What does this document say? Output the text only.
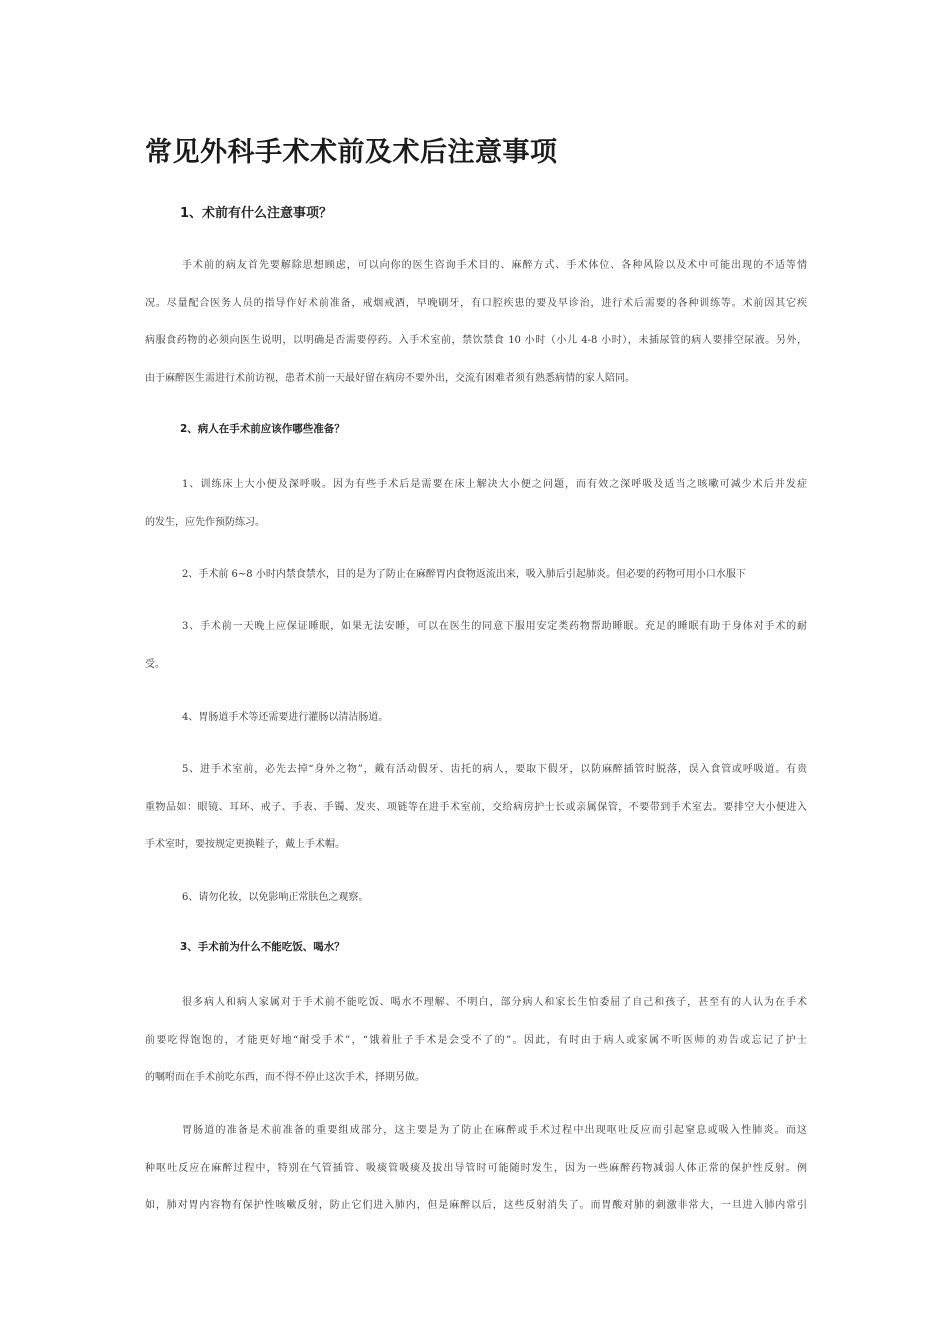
常见外科手术术前及术后注意事项
1、术前有什么注意事项？

手术前的病友首先要解除思想顾虑，可以向你的医生咨询手术目的、麻醉方式、手术体位、各种风险以及术中可能出现的不适等情

况。尽量配合医务人员的指导作好术前准备，戒烟戒酒，早晚刷牙，有口腔疾患的要及早诊治，进行术后需要的各种训练等。术前因其它疾

病服食药物的必须向医生说明，以明确是否需要停药。入手术室前，禁饮禁食 10 小时（小儿 4-8 小时），未插尿管的病人要排空尿液。另外，

由于麻醉医生需进行术前访视，患者术前一天最好留在病房不要外出，交流有困难者须有熟悉病情的家人陪同。

2、病人在手术前应该作哪些准备？

1、训练床上大小便及深呼吸。因为有些手术后是需要在床上解决大小便之问题，而有效之深呼吸及适当之咳嗽可减少术后并发症

的发生，应先作预防练习。

2、手术前 6~8 小时内禁食禁水，目的是为了防止在麻醉胃内食物返流出来，吸入肺后引起肺炎。但必要的药物可用小口水服下

3、手术前一天晚上应保证睡眠，如果无法安睡，可以在医生的同意下服用安定类药物帮助睡眠。充足的睡眠有助于身体对手术的耐

受。

4、胃肠道手术等还需要进行灌肠以清洁肠道。

5、进手术室前，必先去掉“身外之物”，戴有活动假牙、齿托的病人，要取下假牙，以防麻醉插管时脱落，误入食管或呼吸道。有贵

重物品如：眼镜、耳环、戒子、手表、手镯、发夹、项链等在进手术室前，交给病房护士长或亲属保管，不要带到手术室去。要排空大小便进入

手术室时，要按规定更换鞋子，戴上手术帽。

6、请勿化妆，以免影响正常肤色之观察。

3、手术前为什么不能吃饭、喝水？

很多病人和病人家属对于手术前不能吃饭、喝水不理解、不明白，部分病人和家长生怕委屈了自己和孩子，甚至有的人认为在手术

前要吃得饱饱的，才能更好地“耐受手术”，“饿着肚子手术是会受不了的”。因此，有时由于病人或家属不听医师的劝告或忘记了护士

的嘱咐而在手术前吃东西，而不得不停止这次手术，择期另做。

胃肠道的准备是术前准备的重要组成部分，这主要是为了防止在麻醉或手术过程中出现呕吐反应而引起窒息或吸入性肺炎。而这

种呕吐反应在麻醉过程中，特别在气管插管、吸痰管吸痰及拔出导管时可能随时发生，因为一些麻醉药物减弱人体正常的保护性反射。例

如，肺对胃内容物有保护性咳嗽反射，防止它们进入肺内，但是麻醉以后，这些反射消失了。而胃酸对肺的刺激非常大，一旦进入肺内常引
